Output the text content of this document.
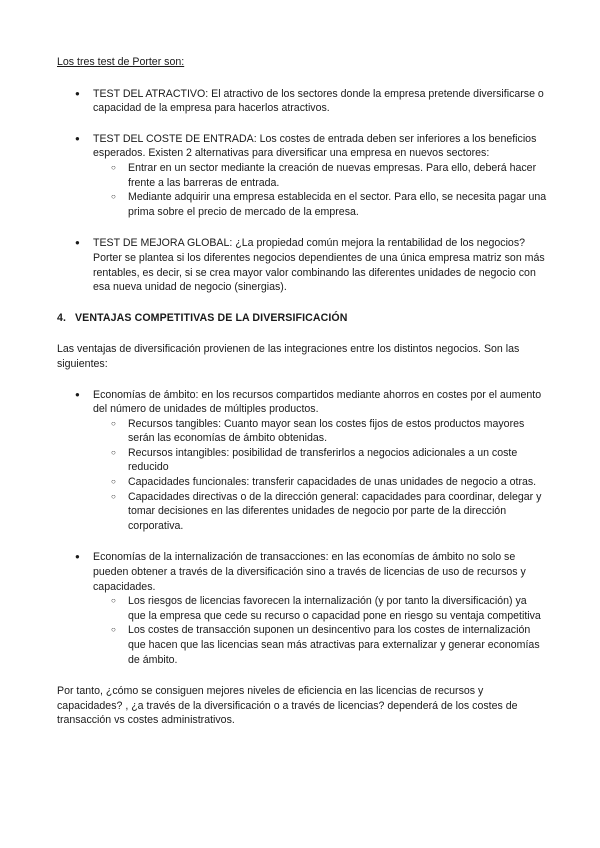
Los tres test de Porter son:

● TEST DEL ATRACTIVO: El atractivo de los sectores donde la empresa pretende diversificarse o capacidad de la empresa para hacerlos atractivos.
● TEST DEL COSTE DE ENTRADA: Los costes de entrada deben ser inferiores a los beneficios esperados. Existen 2 alternativas para diversificar una empresa en nuevos sectores:
○ Entrar en un sector mediante la creación de nuevas empresas. Para ello, deberá hacer frente a las barreras de entrada.
○ Mediante adquirir una empresa establecida en el sector. Para ello, se necesita pagar una prima sobre el precio de mercado de la empresa.
● TEST DE MEJORA GLOBAL: ¿La propiedad común mejora la rentabilidad de los negocios? Porter se plantea si los diferentes negocios dependientes de una única empresa matriz son más rentables, es decir, si se crea mayor valor combinando las diferentes unidades de negocio con esa nueva unidad de negocio (sinergias).
4. VENTAJAS COMPETITIVAS DE LA DIVERSIFICACIÓN

Las ventajas de diversificación provienen de las integraciones entre los distintos negocios. Son las siguientes:

● Economías de ámbito: en los recursos compartidos mediante ahorros en costes por el aumento del número de unidades de múltiples productos.
○ Recursos tangibles: Cuanto mayor sean los costes fijos de estos productos mayores serán las economías de ámbito obtenidas.
○ Recursos intangibles: posibilidad de transferirlos a negocios adicionales a un coste reducido
○ Capacidades funcionales: transferir capacidades de unas unidades de negocio a otras.
○ Capacidades directivas o de la dirección general: capacidades para coordinar, delegar y tomar decisiones en las diferentes unidades de negocio por parte de la dirección corporativa.
● Economías de la internalización de transacciones: en las economías de ámbito no solo se pueden obtener a través de la diversificación sino a través de licencias de uso de recursos y capacidades.
○ Los riesgos de licencias favorecen la internalización (y por tanto la diversificación) ya que la empresa que cede su recurso o capacidad pone en riesgo su ventaja competitiva
○ Los costes de transacción suponen un desincentivo para los costes de internalización que hacen que las licencias sean más atractivas para externalizar y generar economías de ámbito.

Por tanto, ¿cómo se consiguen mejores niveles de eficiencia en las licencias de recursos y capacidades? , ¿a través de la diversificación o a través de licencias? dependerá de los costes de transacción vs costes administrativos.
